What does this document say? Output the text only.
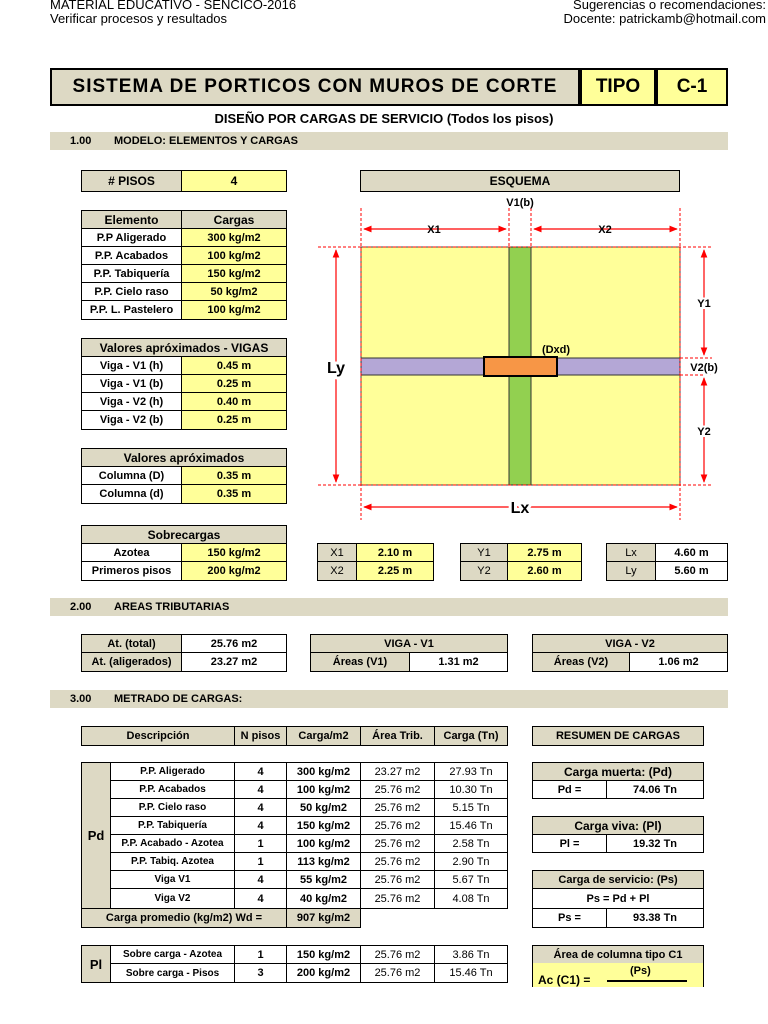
MATERIAL EDUCATIVO - SENCICO-2016
Verificar procesos y resultados
Sugerencias o recomendaciones:
Docente: patrickamb@hotmail.com
SISTEMA DE PORTICOS CON MUROS DE CORTE	TIPO	C-1
DISEÑO POR CARGAS DE SERVICIO (Todos los pisos)
1.00 MODELO: ELEMENTOS Y CARGAS
# PISOS	4
Elemento	Cargas
P.P Aligerado	300 kg/m2
P.P. Acabados	100 kg/m2
P.P. Tabiquería	150 kg/m2
P.P. Cielo raso	50 kg/m2
P.P. L. Pastelero	100 kg/m2
Valores apróximados - VIGAS
Viga - V1 (h)	0.45 m
Viga - V1 (b)	0.25 m
Viga - V2 (h)	0.40 m
Viga - V2 (b)	0.25 m
Valores apróximados
Columna (D)	0.35 m
Columna (d)	0.35 m
Sobrecargas
Azotea	150 kg/m2
Primeros pisos	200 kg/m2
ESQUEMA
V1(b)
X1	X2
Y1
Y2
V2(b)
(Dxd)
Ly
Lx
X1	2.10 m
X2	2.25 m
Y1	2.75 m
Y2	2.60 m
Lx	4.60 m
Ly	5.60 m
2.00 AREAS TRIBUTARIAS
At. (total)	25.76 m2
At. (aligerados)	23.27 m2
VIGA - V1
Áreas (V1)	1.31 m2
VIGA - V2
Áreas (V2)	1.06 m2
3.00 METRADO DE CARGAS:
Descripción	N pisos	Carga/m2	Área Trib.	Carga (Tn)
Pd
P.P. Aligerado	4	300 kg/m2	23.27 m2	27.93 Tn
P.P. Acabados	4	100 kg/m2	25.76 m2	10.30 Tn
P.P. Cielo raso	4	50 kg/m2	25.76 m2	5.15 Tn
P.P. Tabiquería	4	150 kg/m2	25.76 m2	15.46 Tn
P.P. Acabado - Azotea	1	100 kg/m2	25.76 m2	2.58 Tn
P.P. Tabiq. Azotea	1	113 kg/m2	25.76 m2	2.90 Tn
Viga V1	4	55 kg/m2	25.76 m2	5.67 Tn
Viga V2	4	40 kg/m2	25.76 m2	4.08 Tn
Carga promedio (kg/m2) Wd =	907 kg/m2
Pl
Sobre carga - Azotea	1	150 kg/m2	25.76 m2	3.86 Tn
Sobre carga - Pisos	3	200 kg/m2	25.76 m2	15.46 Tn
RESUMEN DE CARGAS
Carga muerta: (Pd)
Pd =	74.06 Tn
Carga viva: (Pl)
Pl =	19.32 Tn
Carga de servicio: (Ps)
Ps = Pd + Pl
Ps =	93.38 Tn
Área de columna tipo C1
Ac (C1) =
(Ps)
